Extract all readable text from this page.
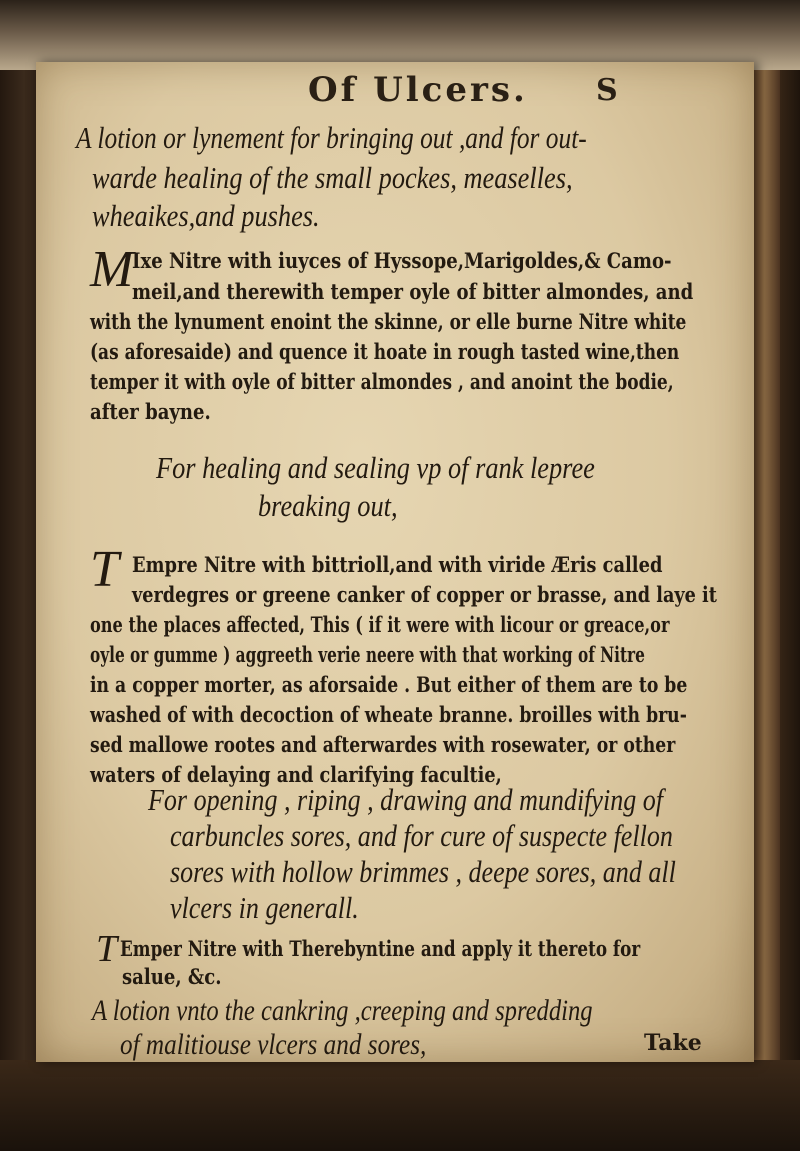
Of Ulcers. S
A lotion or lynement for bringing out ,and for out-
warde healing of the small pockes, measelles,
wheaikes,and pushes.
M
Ixe Nitre with iuyces of Hyssope,Marigoldes,& Camo-
meil,and therewith temper oyle of bitter almondes, and
with the lynument enoint the skinne, or elle burne Nitre white
(as aforesaide) and quence it hoate in rough tasted wine,then
temper it with oyle of bitter almondes , and anoint the bodie,
after bayne.
For healing and sealing vp of rank lepree
breaking out,
T Empre Nitre with bittrioll,and with viride Æris called
verdegres or greene canker of copper or brasse, and laye it
one the places affected, This ( if it were with licour or greace,or
oyle or gumme ) aggreeth verie neere with that working of Nitre
in a copper morter, as aforsaide . But either of them are to be
washed of with decoction of wheate branne. broilles with bru-
sed mallowe rootes and afterwardes with rosewater, or other
waters of delaying and clarifying facultie,
For opening , riping , drawing and mundifying of
carbuncles sores, and for cure of suspecte fellon
sores with hollow brimmes , deepe sores, and all
vlcers in generall.
T Emper Nitre with Therebyntine and apply it thereto for
salue, &c.
A lotion vnto the cankring ,creeping and spredding
Take
of malitiouse vlcers and sores,
